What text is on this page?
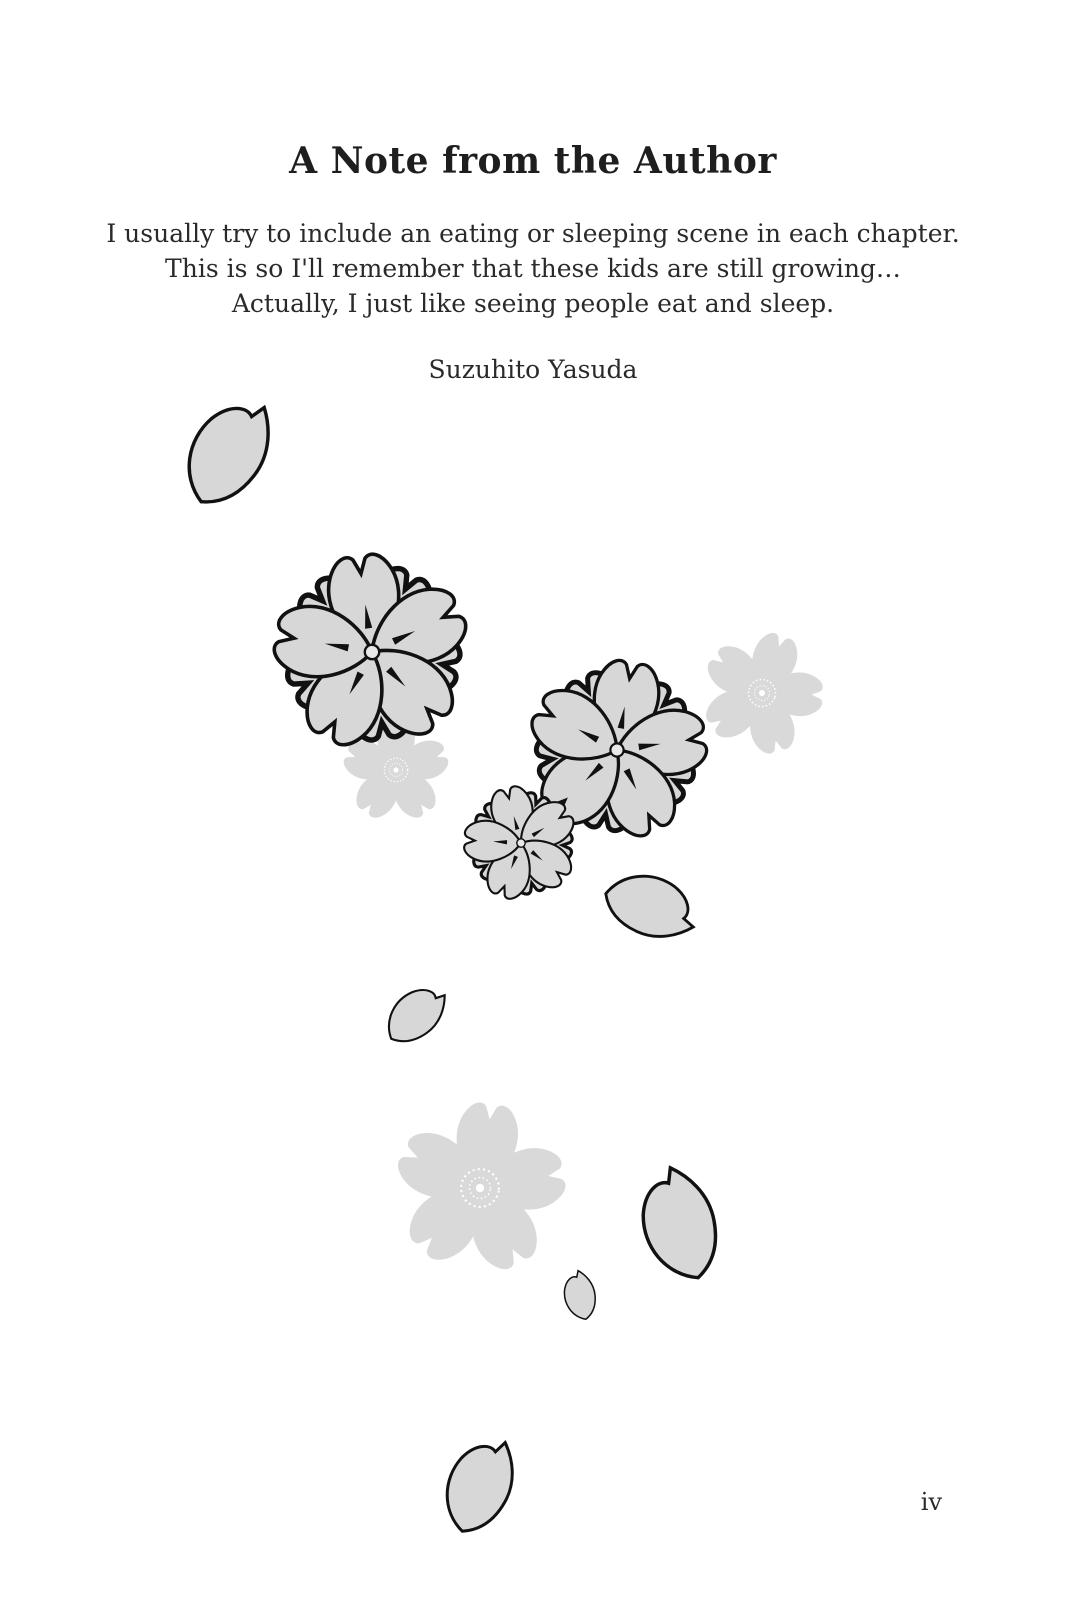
A Note from the Author
I usually try to include an eating or sleeping scene in each chapter.
This is so I'll remember that these kids are still growing…
Actually, I just like seeing people eat and sleep.
Suzuhito Yasuda
iv
